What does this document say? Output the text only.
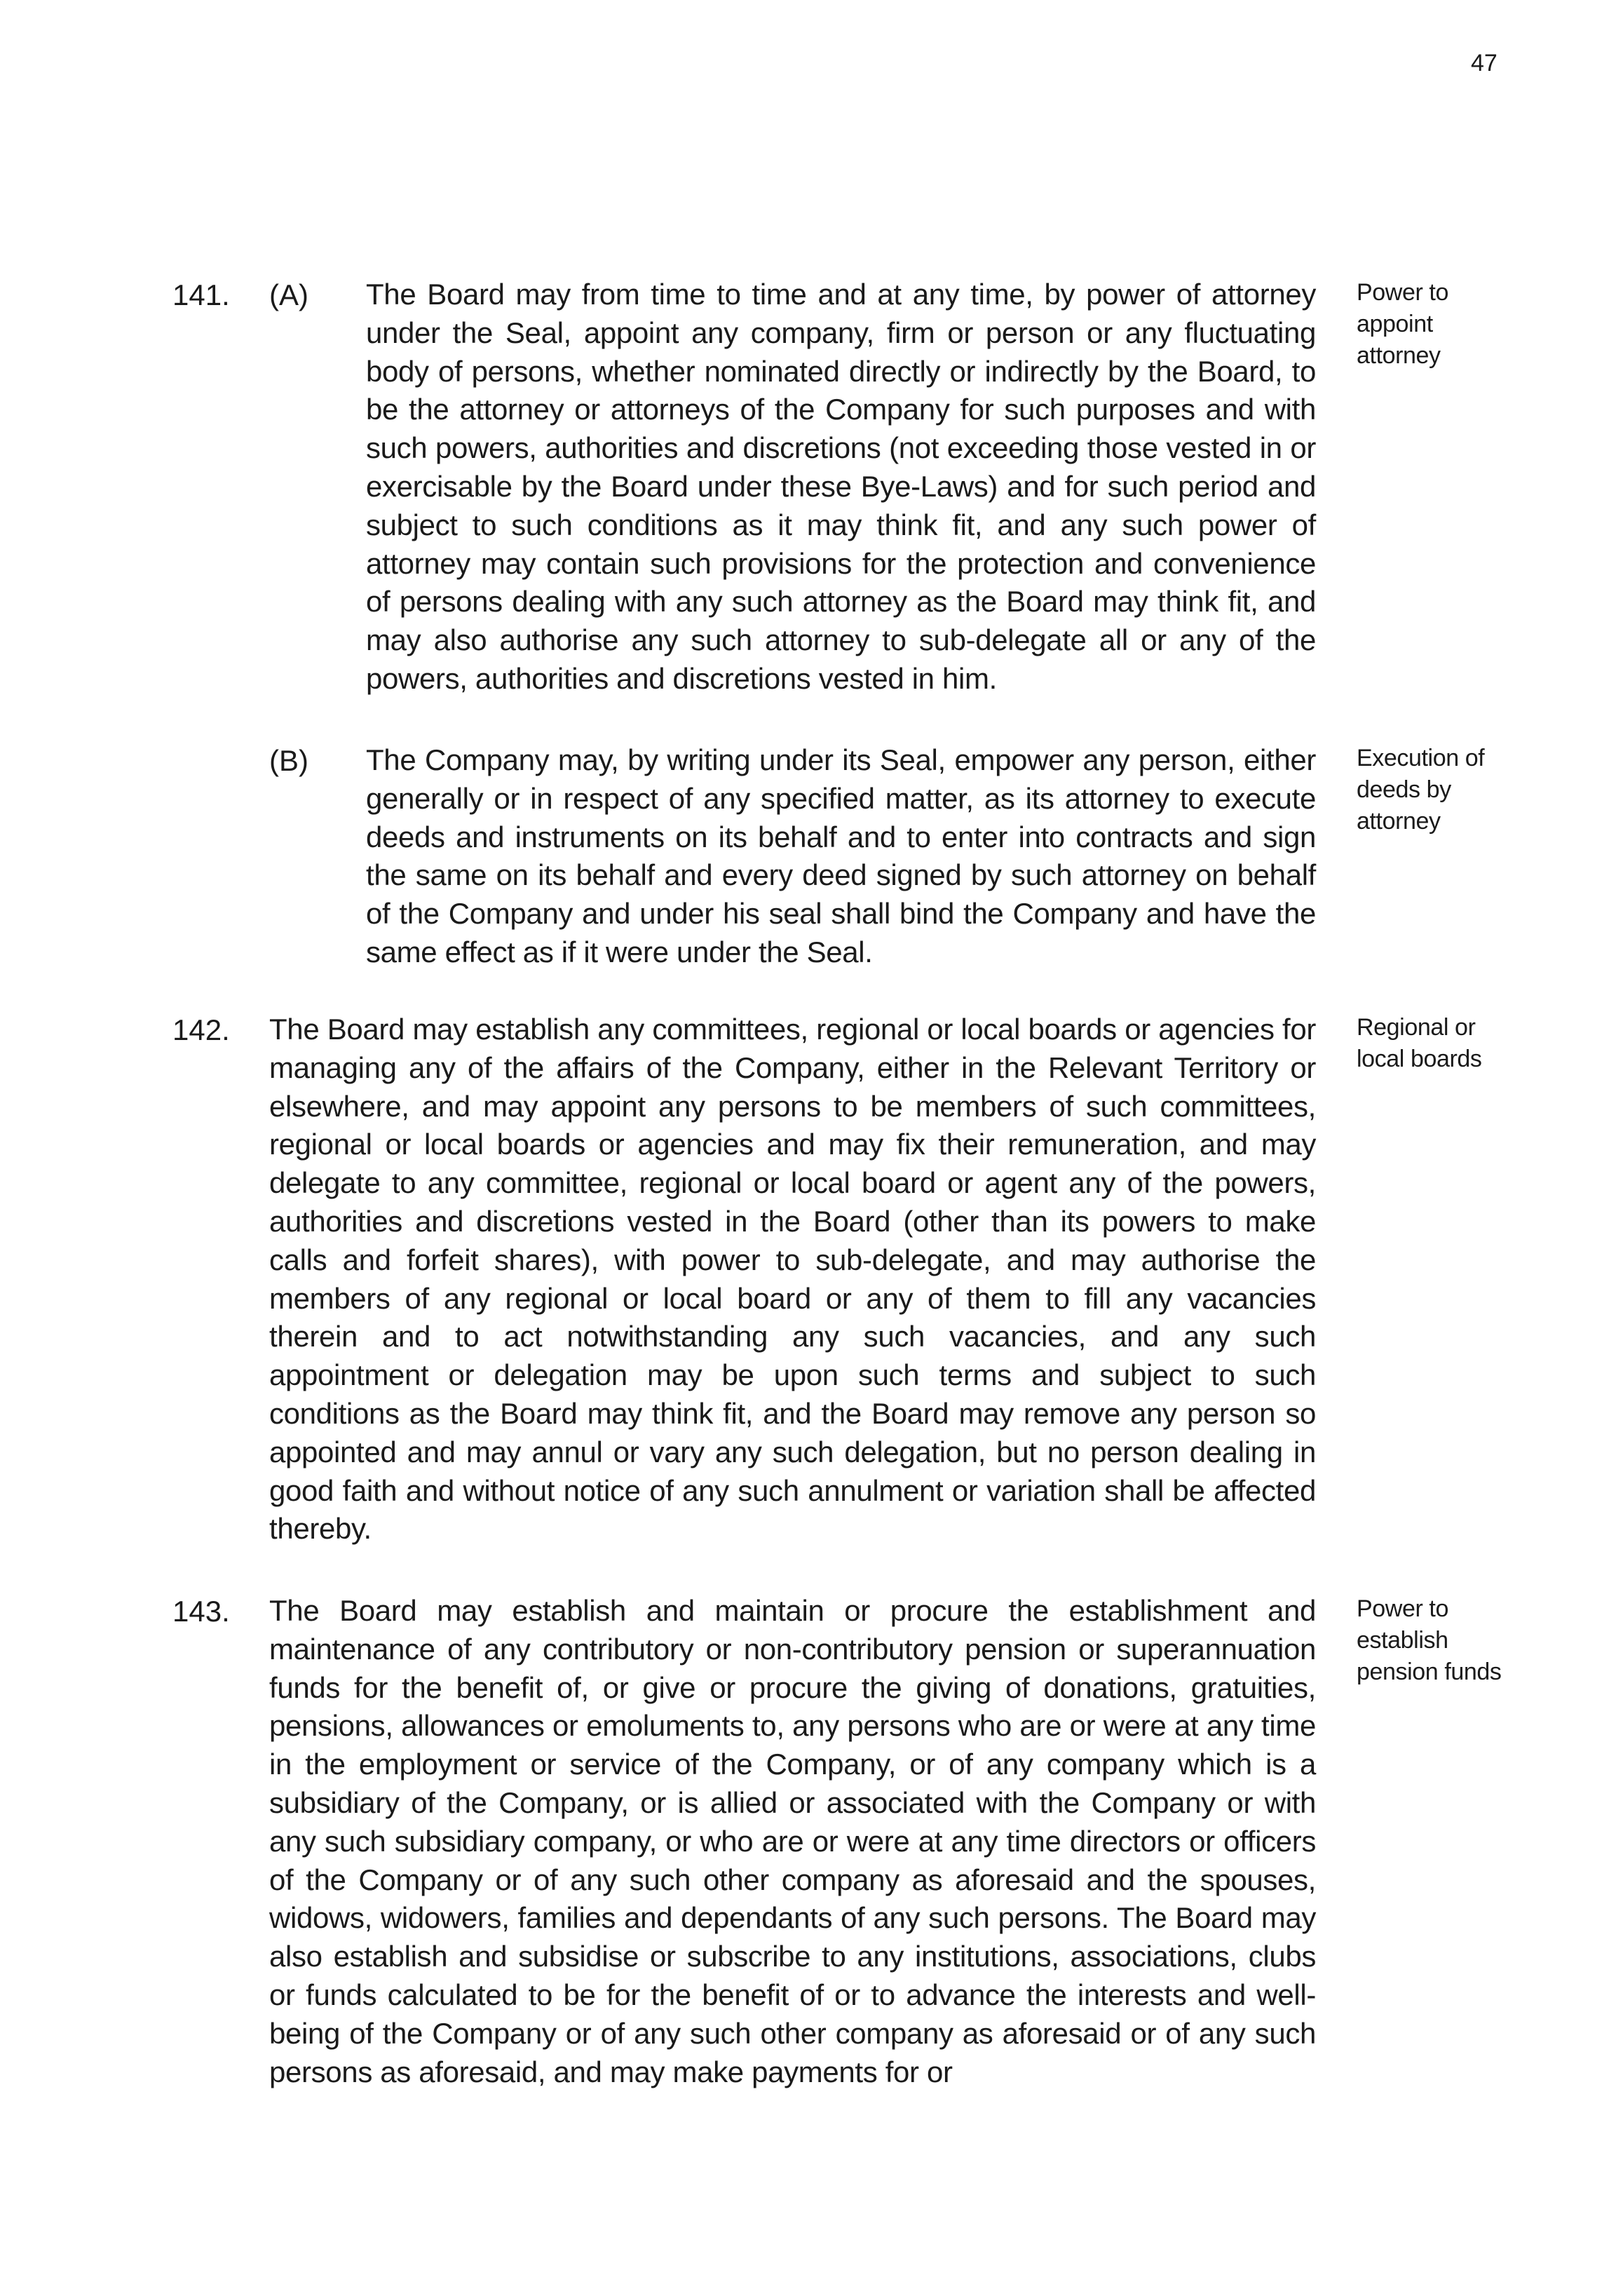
47
141. (A) The Board may from time to time and at any time, by power of attorney under the Seal, appoint any company, firm or person or any fluctuating body of persons, whether nominated directly or indirectly by the Board, to be the attorney or attorneys of the Company for such purposes and with such powers, authorities and discretions (not exceeding those vested in or exercisable by the Board under these Bye-Laws) and for such period and subject to such conditions as it may think fit, and any such power of attorney may contain such provisions for the protection and convenience of persons dealing with any such attorney as the Board may think fit, and may also authorise any such attorney to sub-delegate all or any of the powers, authorities and discretions vested in him.

Power to appoint attorney

(B) The Company may, by writing under its Seal, empower any person, either generally or in respect of any specified matter, as its attorney to execute deeds and instruments on its behalf and to enter into contracts and sign the same on its behalf and every deed signed by such attorney on behalf of the Company and under his seal shall bind the Company and have the same effect as if it were under the Seal.

Execution of deeds by attorney

142. The Board may establish any committees, regional or local boards or agencies for managing any of the affairs of the Company, either in the Relevant Territory or elsewhere, and may appoint any persons to be members of such committees, regional or local boards or agencies and may fix their remuneration, and may delegate to any committee, regional or local board or agent any of the powers, authorities and discretions vested in the Board (other than its powers to make calls and forfeit shares), with power to sub-delegate, and may authorise the members of any regional or local board or any of them to fill any vacancies therein and to act notwithstanding any such vacancies, and any such appointment or delegation may be upon such terms and subject to such conditions as the Board may think fit, and the Board may remove any person so appointed and may annul or vary any such delegation, but no person dealing in good faith and without notice of any such annulment or variation shall be affected thereby.

Regional or local boards

143. The Board may establish and maintain or procure the establishment and maintenance of any contributory or non-contributory pension or superannuation funds for the benefit of, or give or procure the giving of donations, gratuities, pensions, allowances or emoluments to, any persons who are or were at any time in the employment or service of the Company, or of any company which is a subsidiary of the Company, or is allied or associated with the Company or with any such subsidiary company, or who are or were at any time directors or officers of the Company or of any such other company as aforesaid and the spouses, widows, widowers, families and dependants of any such persons. The Board may also establish and subsidise or subscribe to any institutions, associations, clubs or funds calculated to be for the benefit of or to advance the interests and well-being of the Company or of any such other company as aforesaid or of any such persons as aforesaid, and may make payments for or

Power to establish pension funds
